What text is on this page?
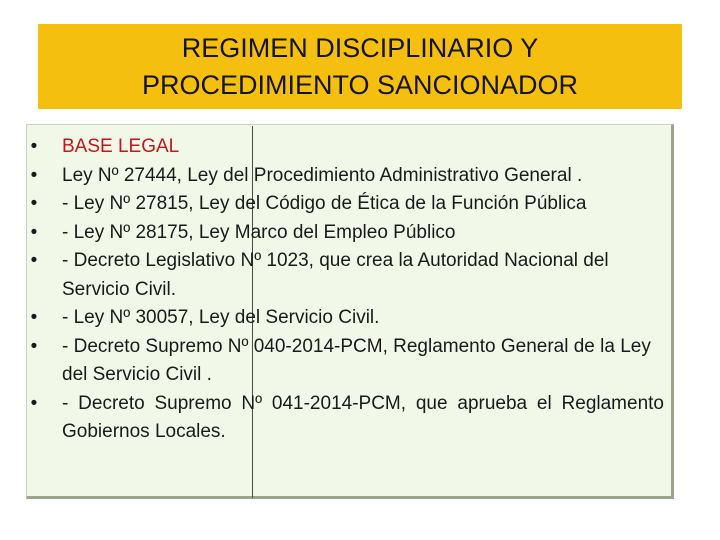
REGIMEN DISCIPLINARIO Y
PROCEDIMIENTO SANCIONADOR
• BASE LEGAL
• Ley Nº 27444, Ley del Procedimiento Administrativo General .
• - Ley Nº 27815, Ley del Código de Ética de la Función Pública
• - Ley Nº 28175, Ley Marco del Empleo Público
• - Decreto Legislativo Nº 1023, que crea la Autoridad Nacional del Servicio Civil.
• - Ley Nº 30057, Ley del Servicio Civil.
• - Decreto Supremo Nº 040-2014-PCM, Reglamento General de la Ley del Servicio Civil .
• - Decreto Supremo Nº 041-2014-PCM, que aprueba el Reglamento Gobiernos Locales.
